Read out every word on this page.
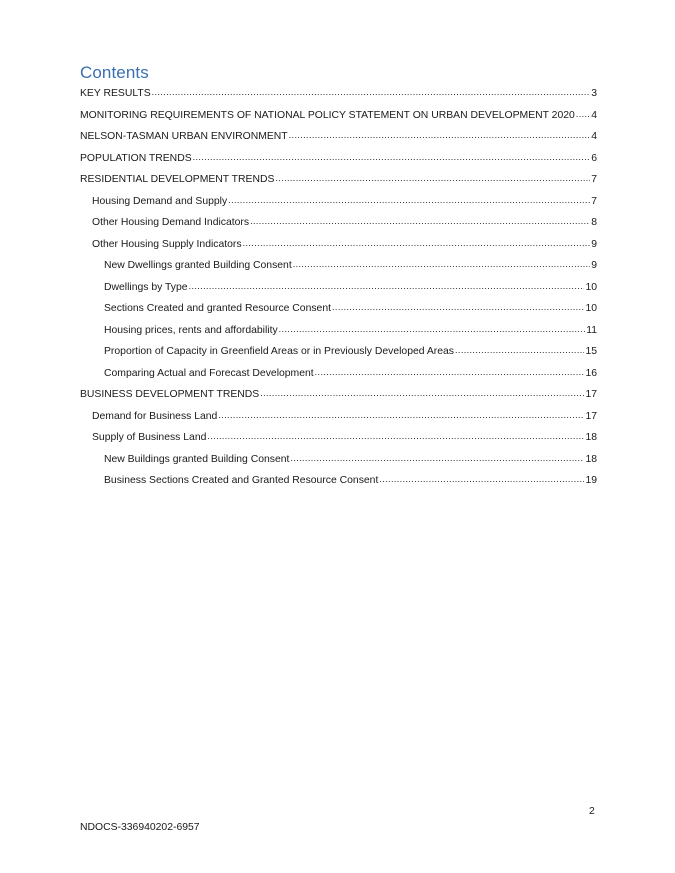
Contents
KEY RESULTS .....	3
MONITORING REQUIREMENTS OF NATIONAL POLICY STATEMENT ON URBAN DEVELOPMENT 2020 ..... 4
NELSON-TASMAN URBAN ENVIRONMENT .....	4
POPULATION TRENDS .....	6
RESIDENTIAL DEVELOPMENT TRENDS .....	7
Housing Demand and Supply .....	7
Other Housing Demand Indicators .....	8
Other Housing Supply Indicators .....	9
New Dwellings granted Building Consent .....	9
Dwellings by Type .....	10
Sections Created and granted Resource Consent .....	10
Housing prices, rents and affordability .....	11
Proportion of Capacity in Greenfield Areas or in Previously Developed Areas .....	15
Comparing Actual and Forecast Development .....	16
BUSINESS DEVELOPMENT TRENDS .....	17
Demand for Business Land .....	17
Supply of Business Land .....	18
New Buildings granted Building Consent .....	18
Business Sections Created and Granted Resource Consent .....	19
2
NDOCS-336940202-6957
